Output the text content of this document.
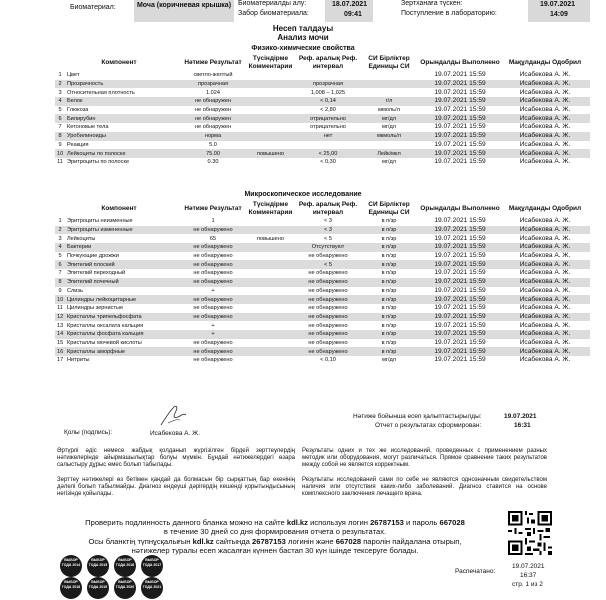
Биоматериал:	Моча (коричневая крышка) Биоматериалды алу:
Забор биоматериала:
18.07.2021
09:41
Зертханаға түскен:
Поступление в лабораторию:
19.07.2021
14:09
Несеп талдауы
Анализ мочи
Физико-химические свойства
Компонент		Нәтиже Результат	Түсіндірме Комментарии	Реф. аралық Реф. интервал	СИ Бірліктер Единицы СИ	Орындалды Выполнено	Мақұлданды Одобрил
1	Цвет	светло-желтый				19.07.2021 15:59	Исабекова А. Ж.
2	Прозрачность	прозрачная		прозрачная		19.07.2021 15:59	Исабекова А. Ж.
3	Относительная плотность	1.024		1,008 – 1,025		19.07.2021 15:59	Исабекова А. Ж.
4	Белок	не обнаружен		< 0,14	г/л	19.07.2021 15:59	Исабекова А. Ж.
5	Глюкоза	не обнаружен		< 2,80	ммоль/л	19.07.2021 15:59	Исабекова А. Ж.
6	Билирубин	не обнаружен		отрицательно	мг/дл	19.07.2021 15:59	Исабекова А. Ж.
7	Кетоновые тела	не обнаружен		отрицательно	мг/дл	19.07.2021 15:59	Исабекова А. Ж.
8	Уробилиноиды	норма		нет	мкмоль/л	19.07.2021 15:59	Исабекова А. Ж.
9	Реакция	5.0				19.07.2021 15:59	Исабекова А. Ж.
10	Лейкоциты по полоске	75.00	повышено	< 25,00	Лейк/мкл	19.07.2021 15:59	Исабекова А. Ж.
11	Эритроциты по полоске	0.30		< 0,30	мг/дл	19.07.2021 15:59	Исабекова А. Ж.
Микроскопическое исследование
Компонент		Нәтиже Результат	Түсіндірме Комментарии	Реф. аралық Реф. интервал	СИ Бірліктер Единицы СИ	Орындалды Выполнено	Мақұлданды Одобрил
1	Эритроциты неизменные	1		< 3	в п/зр	19.07.2021 15:59	Исабекова А. Ж.
2	Эритроциты измененные	не обнаружено		< 3	в п/зр	19.07.2021 15:59	Исабекова А. Ж.
3	Лейкоциты	65	повышено	< 5	в п/зр	19.07.2021 15:59	Исабекова А. Ж.
4	Бактерии	не обнаружено		Отсутствуют	в п/зр	19.07.2021 15:59	Исабекова А. Ж.
5	Почкующие дрожжи	не обнаружено		не обнаружено	в п/зр	19.07.2021 15:59	Исабекова А. Ж.
6	Эпителий плоский	не обнаружено		< 5	в п/зр	19.07.2021 15:59	Исабекова А. Ж.
7	Эпителий переходный	не обнаружено		не обнаружено	в п/зр	19.07.2021 15:59	Исабекова А. Ж.
8	Эпителий почечный	не обнаружено		не обнаружено	в п/зр	19.07.2021 15:59	Исабекова А. Ж.
9	Слизь	+		не обнаружено	в п/зр	19.07.2021 15:59	Исабекова А. Ж.
10	Цилиндры лейкоцитарные	не обнаружено		не обнаружено	в п/зр	19.07.2021 15:59	Исабекова А. Ж.
11	Цилиндры зернистые	не обнаружено		не обнаружено	в п/зр	19.07.2021 15:59	Исабекова А. Ж.
12	Кристаллы трипельфосфата	не обнаружено		не обнаружено	в п/зр	19.07.2021 15:59	Исабекова А. Ж.
13	Кристаллы оксалата кальция	+		не обнаружено	в п/зр	19.07.2021 15:59	Исабекова А. Ж.
14	Кристаллы фосфата кальция	+		не обнаружено	в п/зр	19.07.2021 15:59	Исабекова А. Ж.
15	Кристаллы мочевой кислоты	не обнаружено		не обнаружено	в п/зр	19.07.2021 15:59	Исабекова А. Ж.
16	Кристаллы аморфные	не обнаружено		не обнаружено	в п/зр	19.07.2021 15:59	Исабекова А. Ж.
17	Нитриты	не обнаружено		< 0,10	мг/дл	19.07.2021 15:59	Исабекова А. Ж.
Қолы (подпись):	Исабекова А. Ж.
Нәтиже бойынша есеп қалыптастырылды:
Отчет о результатах сформирован:
19.07.2021
16:31
Әртүрлі әдіс немесе жабдық қолданып жүргізілген бірдей зерттеулердің нәтижелерінде айырмашылықтар болуы мүмкін. Бұндай нәтижелердегі өзара салыстыру дұрыс емес болып табылады.
Результаты одних и тех же исследований, проведенных с применением разных методик или оборудования, могут различаться. Прямое сравнение таких результатов между собой не является корректным.
Зерттеу нәтижелері өз бетімен қандай да болмасын бір сырқаттың бар екенінің дәлелі болып табылмайды. Диагноз ендеуші дәрігердің кешенді қорытындысының негізінде қойылады.
Результаты исследований сами по себе не являются однозначным свидетельством наличия или отсутствия каких-либо заболеваний. Диагноз ставится на основе комплексного заключения лечащего врача.
Проверить подлинность данного бланка можно на сайте kdl.kz используя логин 26787153 и пароль 667028
в течение 30 дней со дня формирования отчета о результатах.
Осы бланктің түпнұсқалығын kdl.kz сайтында 26787153 логинін және 667028 паролін пайдалана отырып,
нәтижелер туралы есеп жасалған күннен бастап 30 күн ішінде тексеруге болады.
ВЫБОР ГОДА 2014
ВЫБОР ГОДА 2015
ВЫБОР ГОДА 2016
ВЫБОР ГОДА 2017
ВЫБОР ГОДА 2018
ВЫБОР ГОДА 2019
ВЫБОР ГОДА 2020
ВЫБОР ГОДА 2021
Распечатано:
19.07.2021
16:37
стр. 1 из 2
